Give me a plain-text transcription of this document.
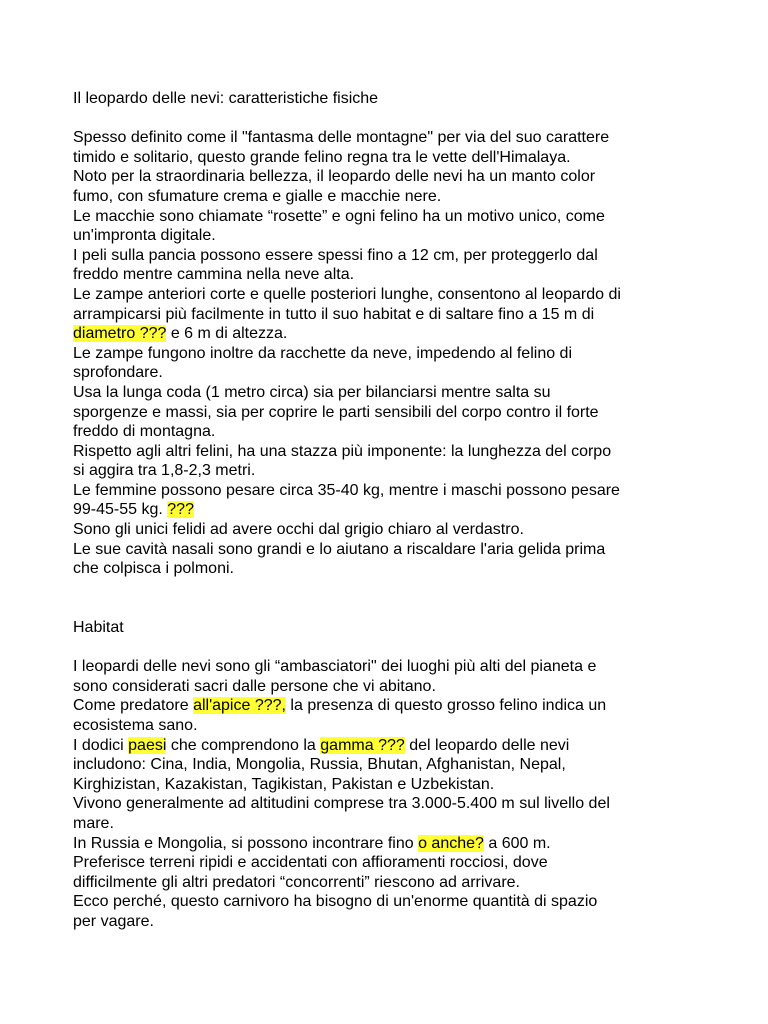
Il leopardo delle nevi: caratteristiche fisiche
Spesso definito come il "fantasma delle montagne" per via del suo carattere
timido e solitario, questo grande felino regna tra le vette dell'Himalaya.
Noto per la straordinaria bellezza, il leopardo delle nevi ha un manto color
fumo, con sfumature crema e gialle e macchie nere.
Le macchie sono chiamate “rosette” e ogni felino ha un motivo unico, come
un'impronta digitale.
I peli sulla pancia possono essere spessi fino a 12 cm, per proteggerlo dal
freddo mentre cammina nella neve alta.
Le zampe anteriori corte e quelle posteriori lunghe, consentono al leopardo di
arrampicarsi più facilmente in tutto il suo habitat e di saltare fino a 15 m di
diametro ??? e 6 m di altezza.
Le zampe fungono inoltre da racchette da neve, impedendo al felino di
sprofondare.
Usa la lunga coda (1 metro circa) sia per bilanciarsi mentre salta su
sporgenze e massi, sia per coprire le parti sensibili del corpo contro il forte
freddo di montagna.
Rispetto agli altri felini, ha una stazza più imponente: la lunghezza del corpo
si aggira tra 1,8-2,3 metri.
Le femmine possono pesare circa 35-40 kg, mentre i maschi possono pesare
99-45-55 kg. ???
Sono gli unici felidi ad avere occhi dal grigio chiaro al verdastro.
Le sue cavità nasali sono grandi e lo aiutano a riscaldare l'aria gelida prima
che colpisca i polmoni.
Habitat
I leopardi delle nevi sono gli “ambasciatori" dei luoghi più alti del pianeta e
sono considerati sacri dalle persone che vi abitano.
Come predatore all'apice ???, la presenza di questo grosso felino indica un
ecosistema sano.
I dodici paesi che comprendono la gamma ??? del leopardo delle nevi
includono: Cina, India, Mongolia, Russia, Bhutan, Afghanistan, Nepal,
Kirghizistan, Kazakistan, Tagikistan, Pakistan e Uzbekistan.
Vivono generalmente ad altitudini comprese tra 3.000-5.400 m sul livello del
mare.
In Russia e Mongolia, si possono incontrare fino o anche? a 600 m.
Preferisce terreni ripidi e accidentati con affioramenti rocciosi, dove
difficilmente gli altri predatori “concorrenti” riescono ad arrivare.
Ecco perché, questo carnivoro ha bisogno di un'enorme quantità di spazio
per vagare.
